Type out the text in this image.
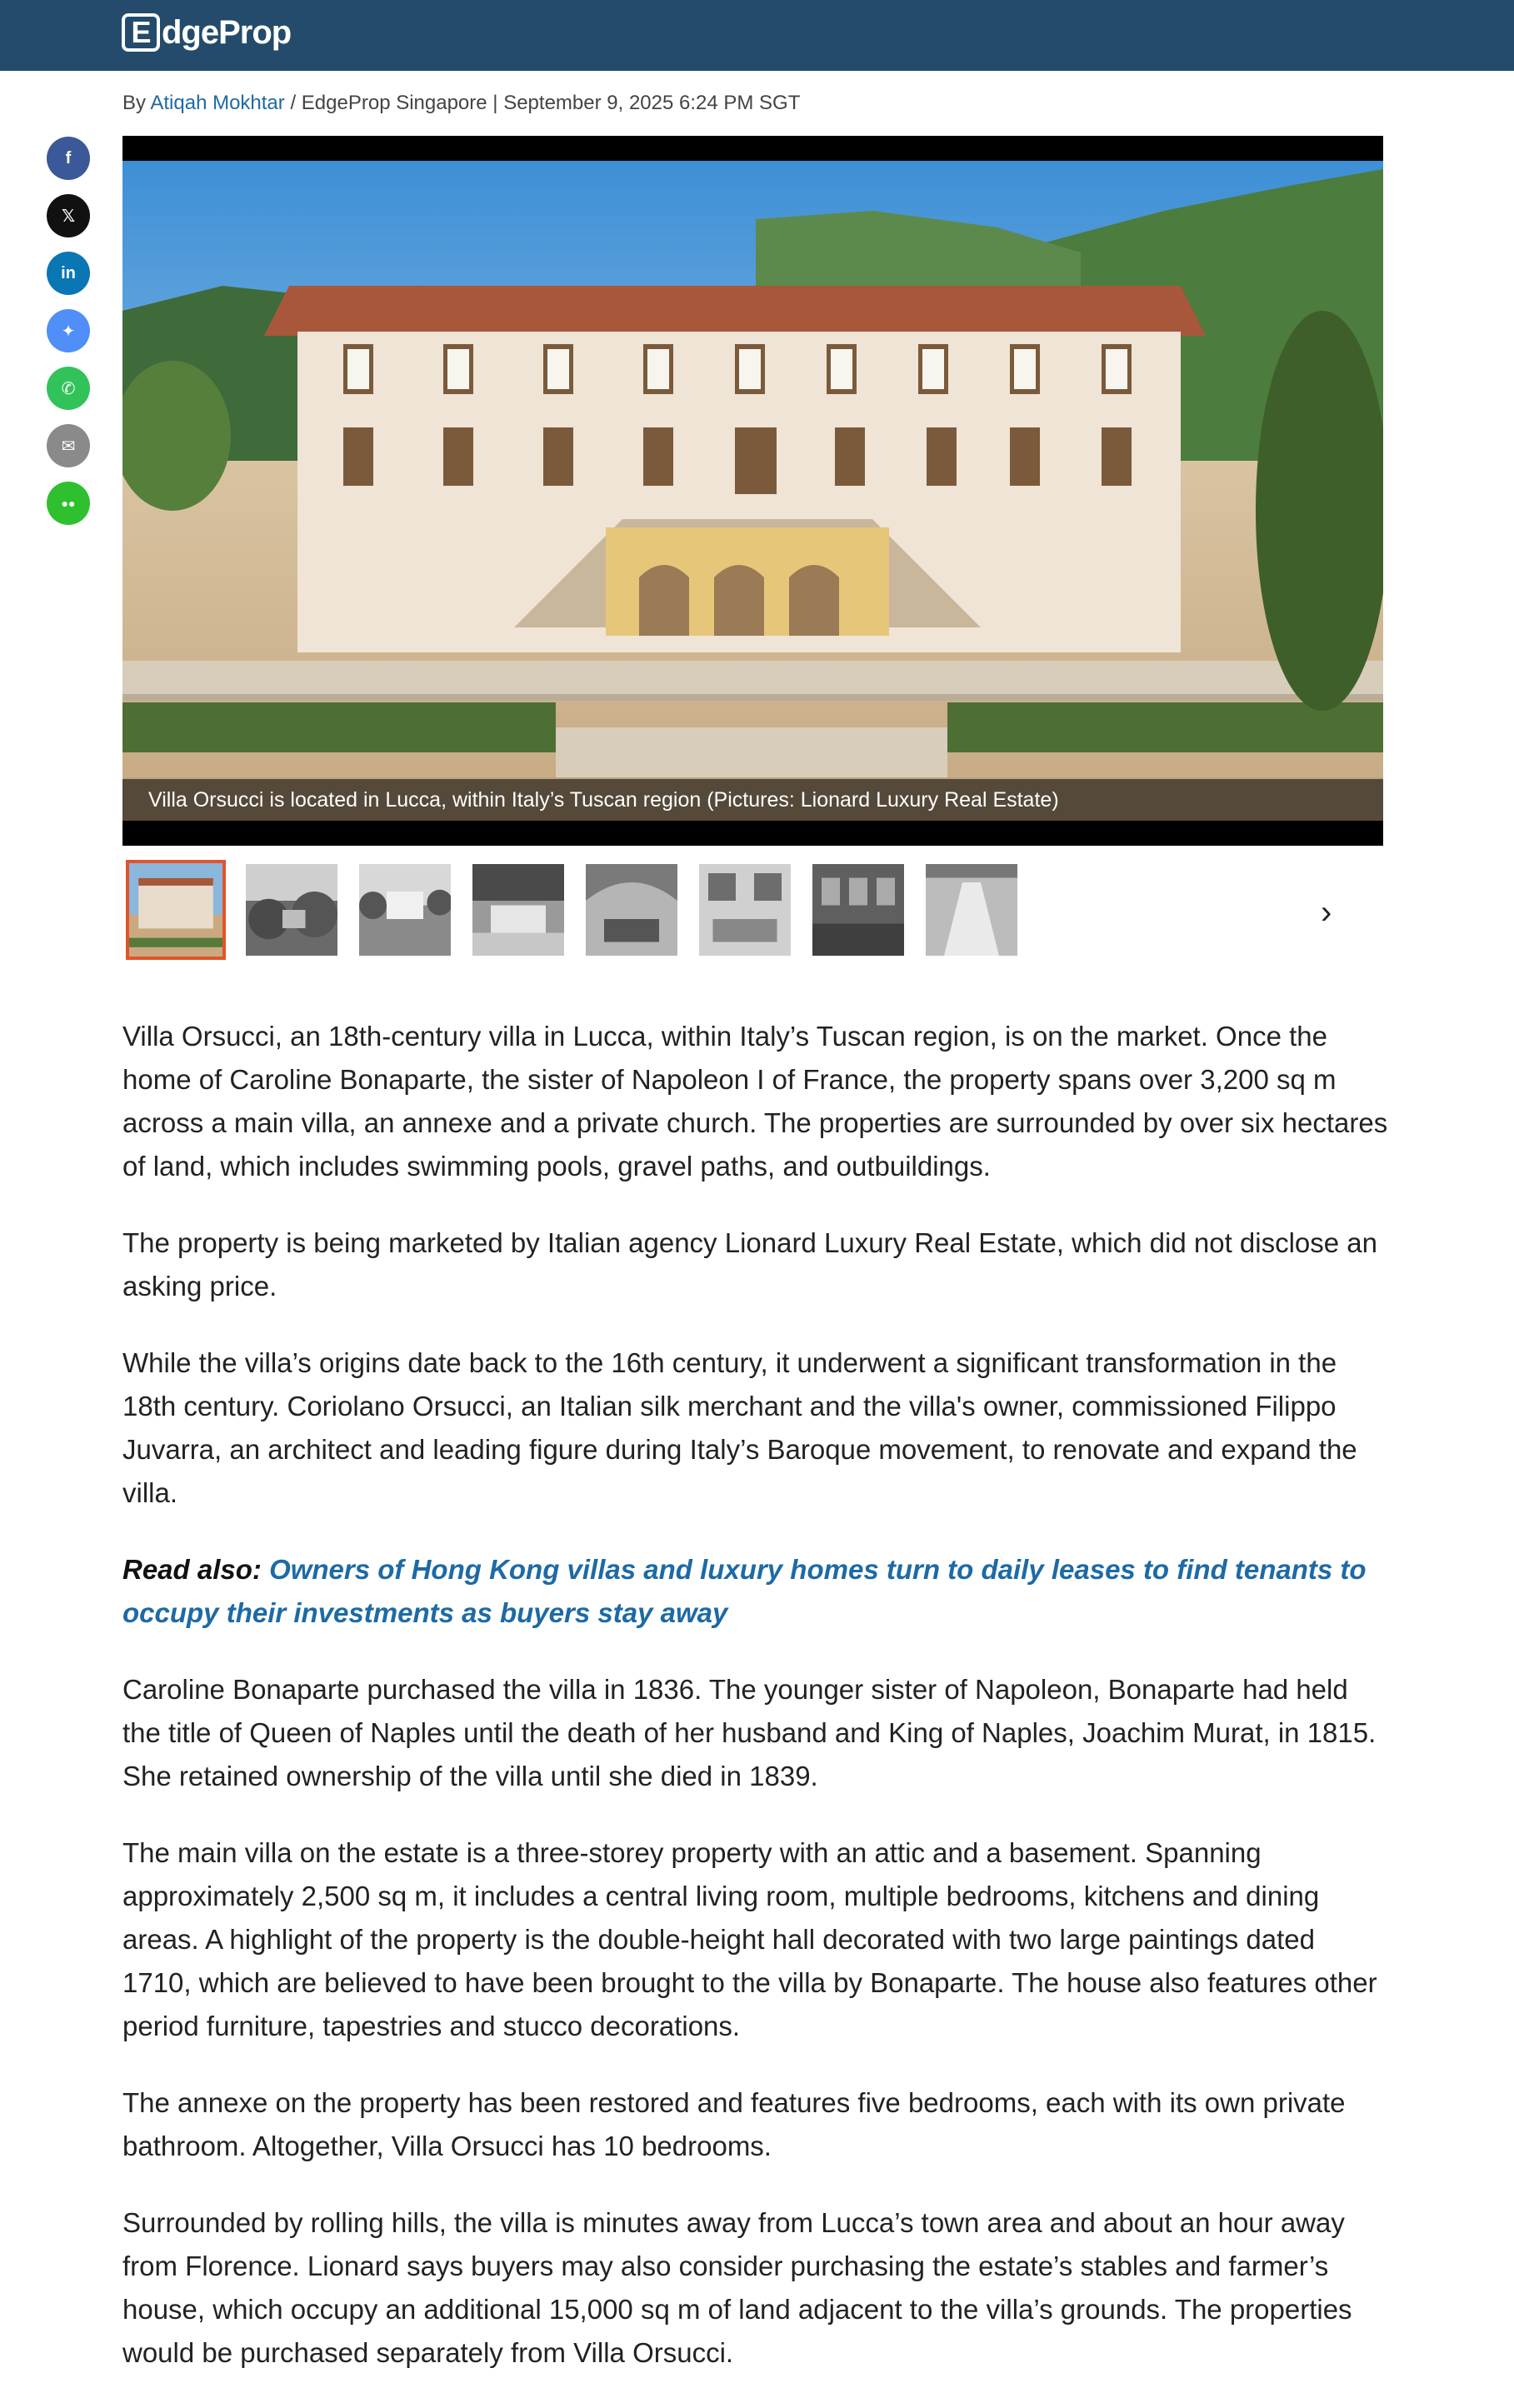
E dgeProp
By Atiqah Mokhtar / EdgeProp Singapore | September 9, 2025 6:24 PM SGT
f
𝕏
in
✦
✆
✉
●●
Villa Orsucci is located in Lucca, within Italy’s Tuscan region (Pictures: Lionard Luxury Real Estate)
›

Villa Orsucci, an 18th-century villa in Lucca, within Italy’s Tuscan region, is on the market. Once the home of Caroline Bonaparte, the sister of Napoleon I of France, the property spans over 3,200 sq m across a main villa, an annexe and a private church. The properties are surrounded by over six hectares of land, which includes swimming pools, gravel paths, and outbuildings.

The property is being marketed by Italian agency Lionard Luxury Real Estate, which did not disclose an asking price.

While the villa’s origins date back to the 16th century, it underwent a significant transformation in the 18th century. Coriolano Orsucci, an Italian silk merchant and the villa's owner, commissioned Filippo Juvarra, an architect and leading figure during Italy’s Baroque movement, to renovate and expand the villa.

Read also: Owners of Hong Kong villas and luxury homes turn to daily leases to find tenants to occupy their investments as buyers stay away

Caroline Bonaparte purchased the villa in 1836. The younger sister of Napoleon, Bonaparte had held the title of Queen of Naples until the death of her husband and King of Naples, Joachim Murat, in 1815. She retained ownership of the villa until she died in 1839.

The main villa on the estate is a three-storey property with an attic and a basement. Spanning approximately 2,500 sq m, it includes a central living room, multiple bedrooms, kitchens and dining areas. A highlight of the property is the double-height hall decorated with two large paintings dated 1710, which are believed to have been brought to the villa by Bonaparte. The house also features other period furniture, tapestries and stucco decorations.

The annexe on the property has been restored and features five bedrooms, each with its own private bathroom. Altogether, Villa Orsucci has 10 bedrooms.

Surrounded by rolling hills, the villa is minutes away from Lucca’s town area and about an hour away from Florence. Lionard says buyers may also consider purchasing the estate’s stables and farmer’s house, which occupy an additional 15,000 sq m of land adjacent to the villa’s grounds. The properties would be purchased separately from Villa Orsucci.
